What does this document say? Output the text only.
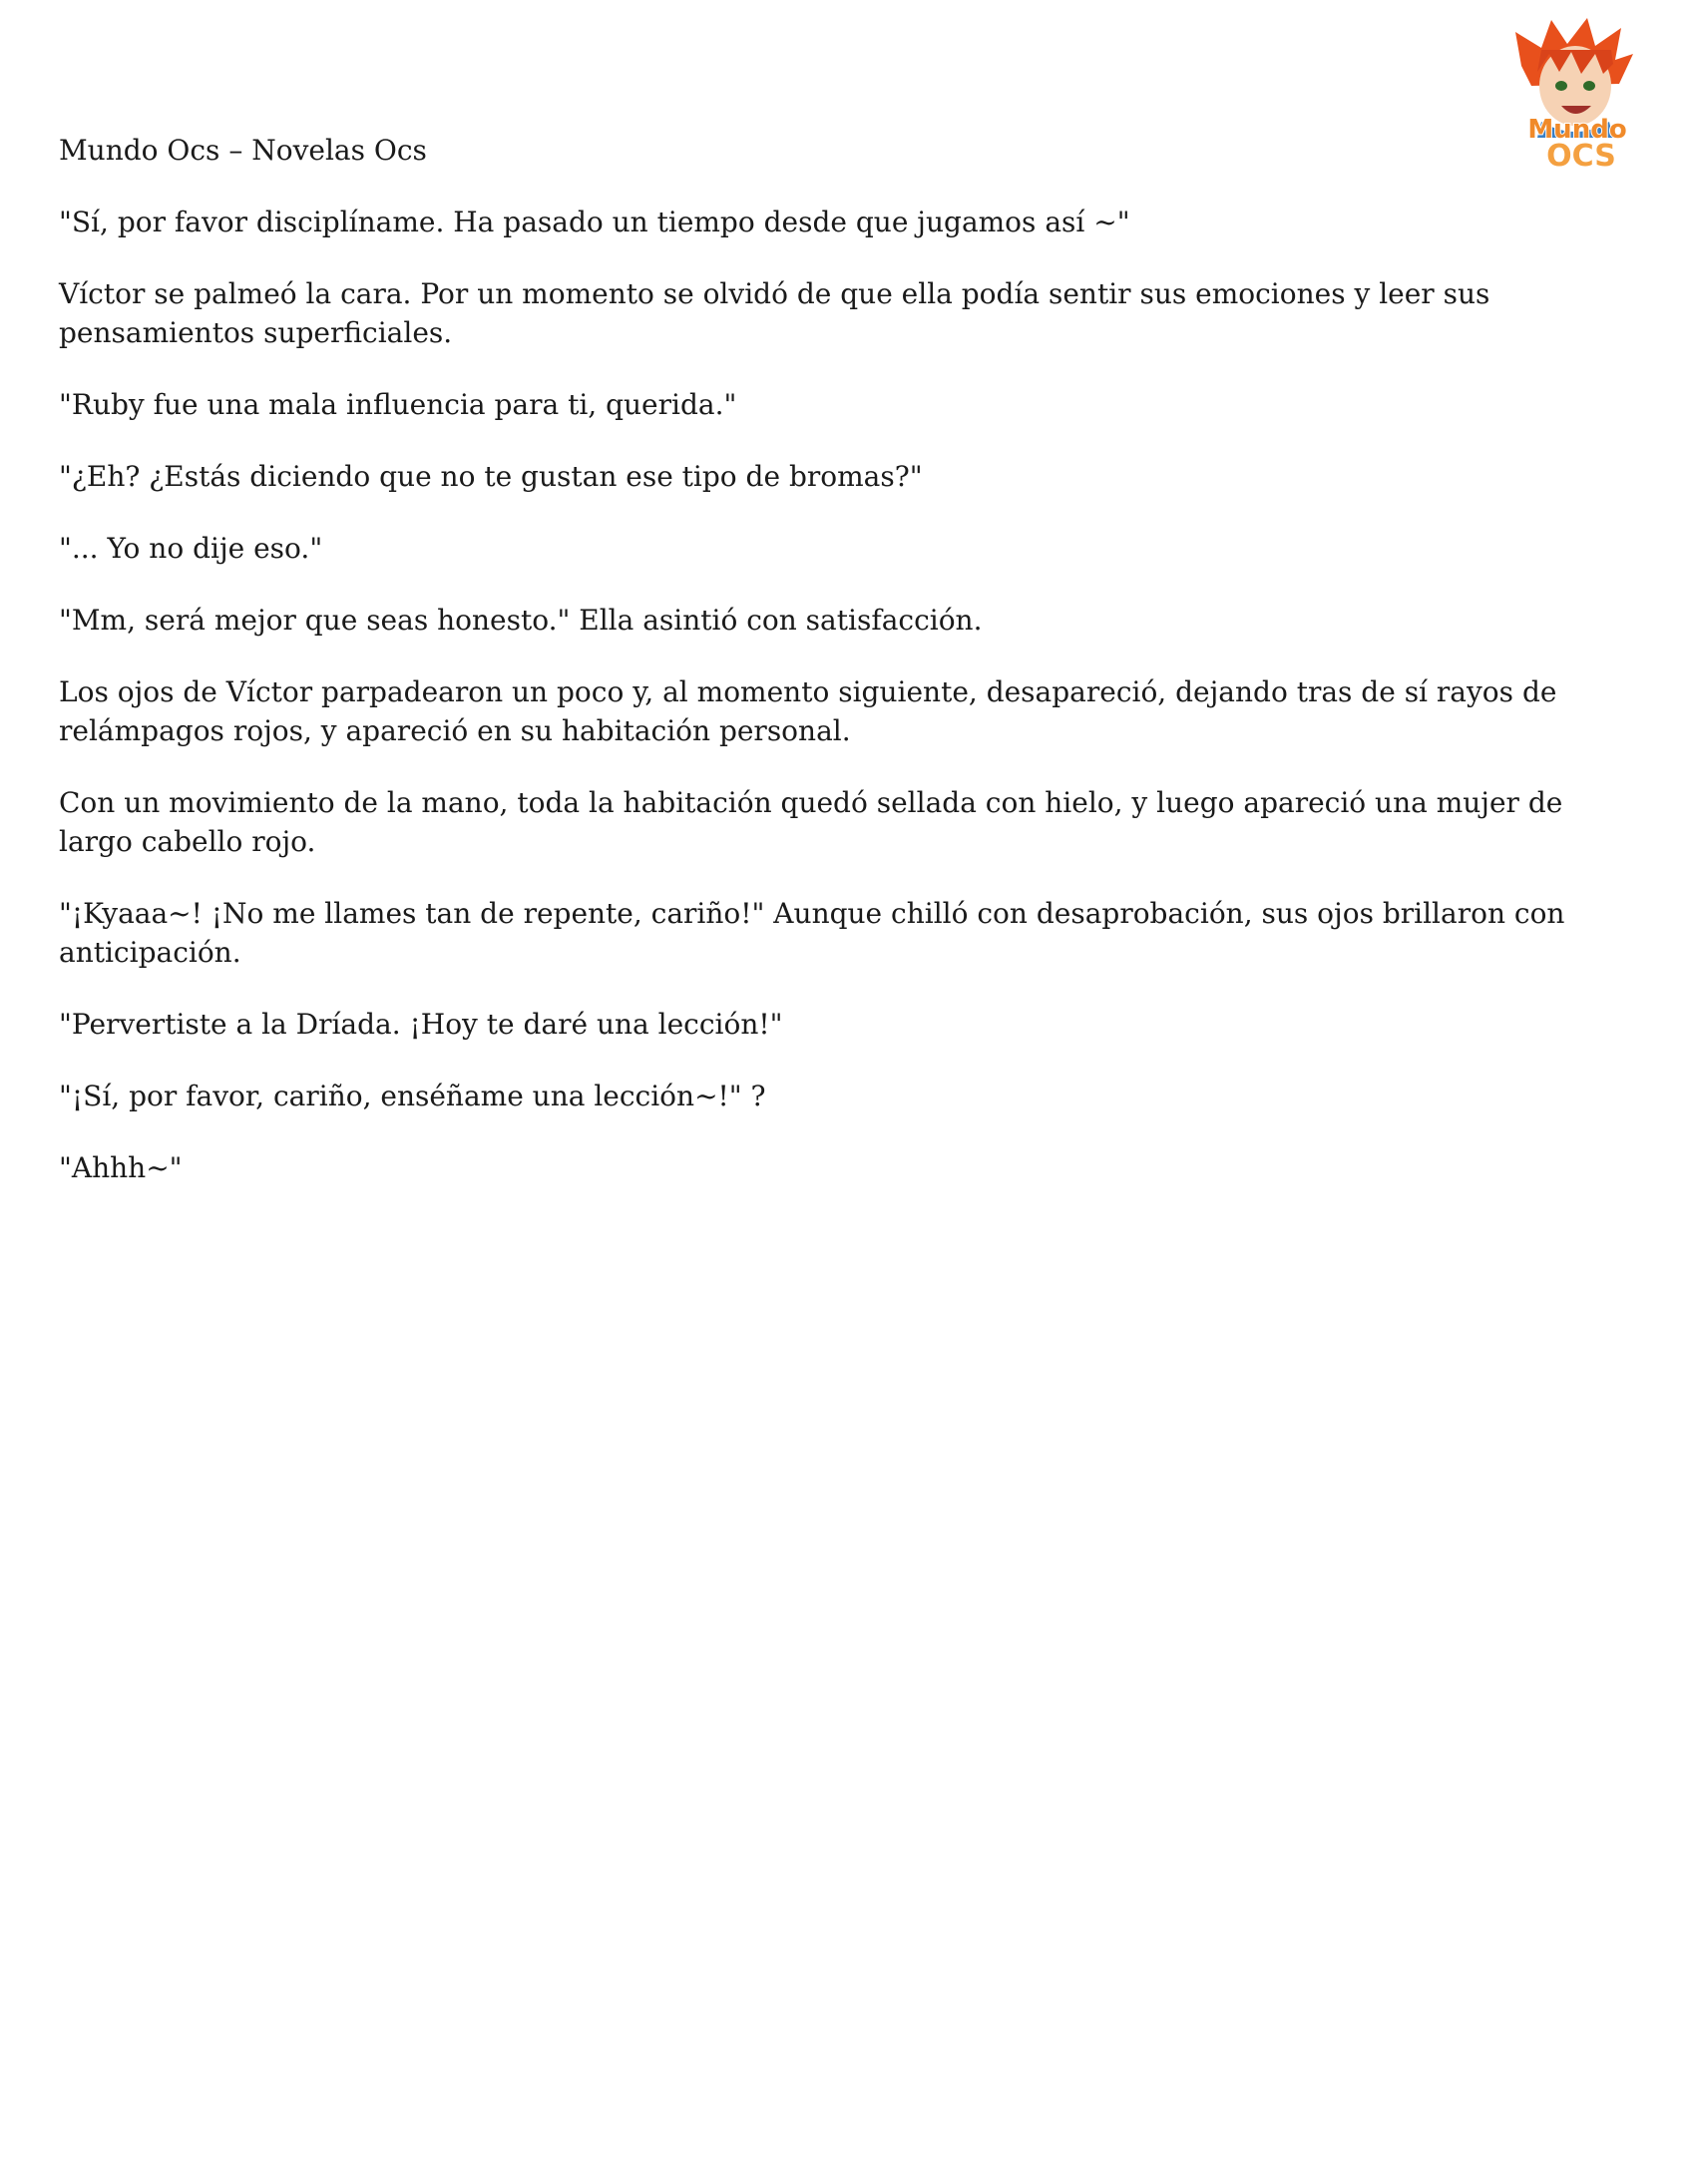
Mundo
OCS

Mundo Ocs – Novelas Ocs

"Sí, por favor disciplíname. Ha pasado un tiempo desde que jugamos así ~"

Víctor se palmeó la cara. Por un momento se olvidó de que ella podía sentir sus emociones y leer sus pensamientos superficiales.

"Ruby fue una mala influencia para ti, querida."

"¿Eh? ¿Estás diciendo que no te gustan ese tipo de bromas?"

"... Yo no dije eso."

"Mm, será mejor que seas honesto." Ella asintió con satisfacción.

Los ojos de Víctor parpadearon un poco y, al momento siguiente, desapareció, dejando tras de sí rayos de relámpagos rojos, y apareció en su habitación personal.

Con un movimiento de la mano, toda la habitación quedó sellada con hielo, y luego apareció una mujer de largo cabello rojo.

"¡Kyaaa~! ¡No me llames tan de repente, cariño!" Aunque chilló con desaprobación, sus ojos brillaron con anticipación.

"Pervertiste a la Dríada. ¡Hoy te daré una lección!"

"¡Sí, por favor, cariño, enséñame una lección~!" ?

"Ahhh~"
